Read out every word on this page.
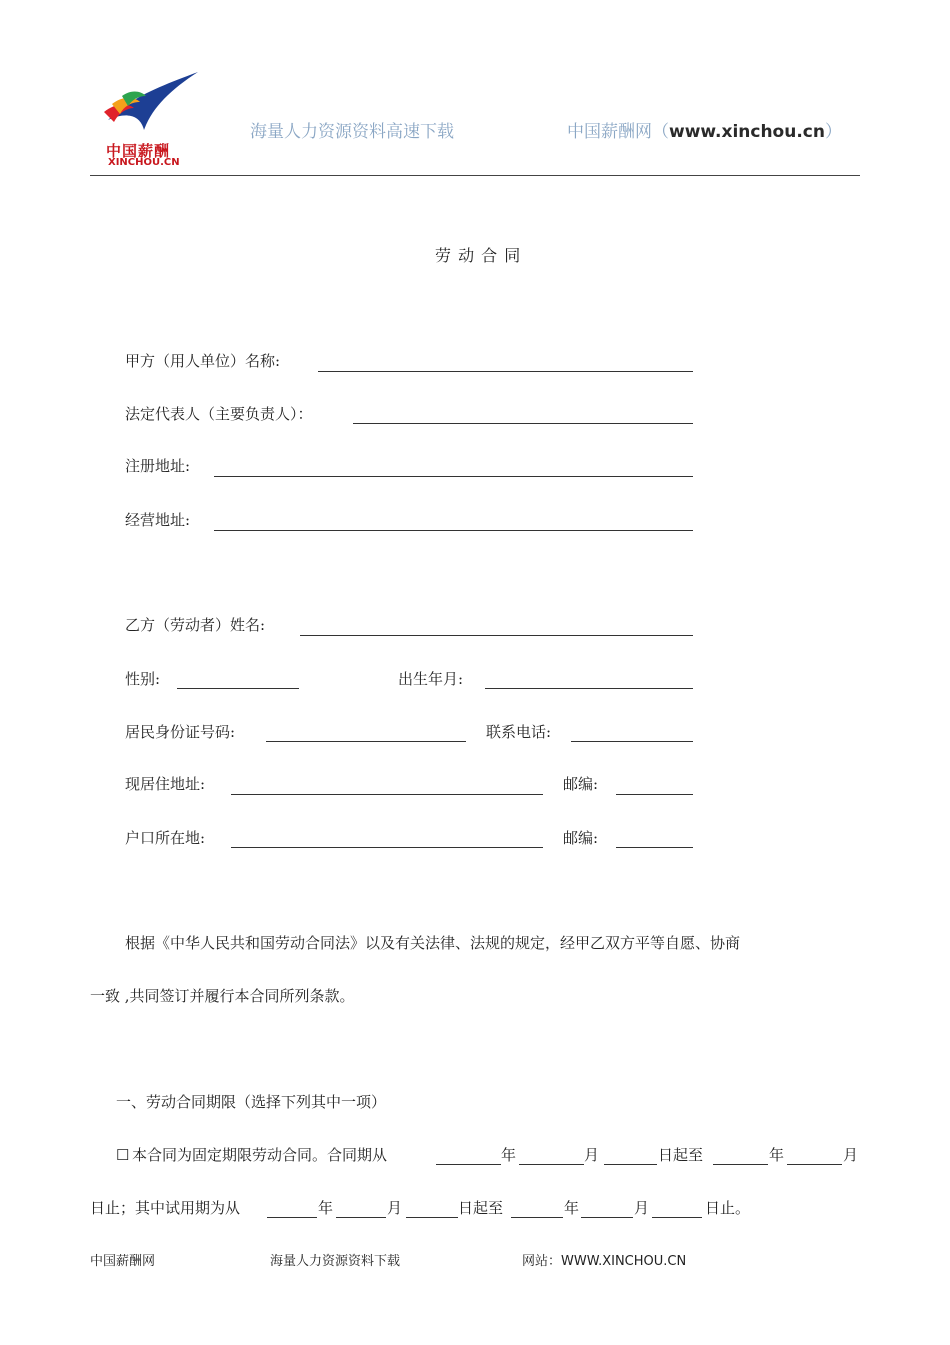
中国薪酬
XINCHOU.CN
海量人力资源资料高速下载	中国薪酬网（www.xinchou.cn）
劳 动 合 同
甲方（用人单位）名称:
法定代表人（主要负责人）：
注册地址:
经营地址:
乙方（劳动者）姓名:
性别:	出生年月:
居民身份证号码:	联系电话:
现居住地址:	邮编:
户口所在地:	邮编:
根据《中华人民共和国劳动合同法》以及有关法律、法规的规定，经甲乙双方平等自愿、协商
一致 ,共同签订并履行本合同所列条款。
一、劳动合同期限（选择下列其中一项）
☐ 本合同为固定期限劳动合同。合同期从	年	月	日起至	年	月
日止；其中试用期为从	年	月	日起至	年	月	日止。
中国薪酬网	海量人力资源资料下载	网站：WWW.XINCHOU.CN
